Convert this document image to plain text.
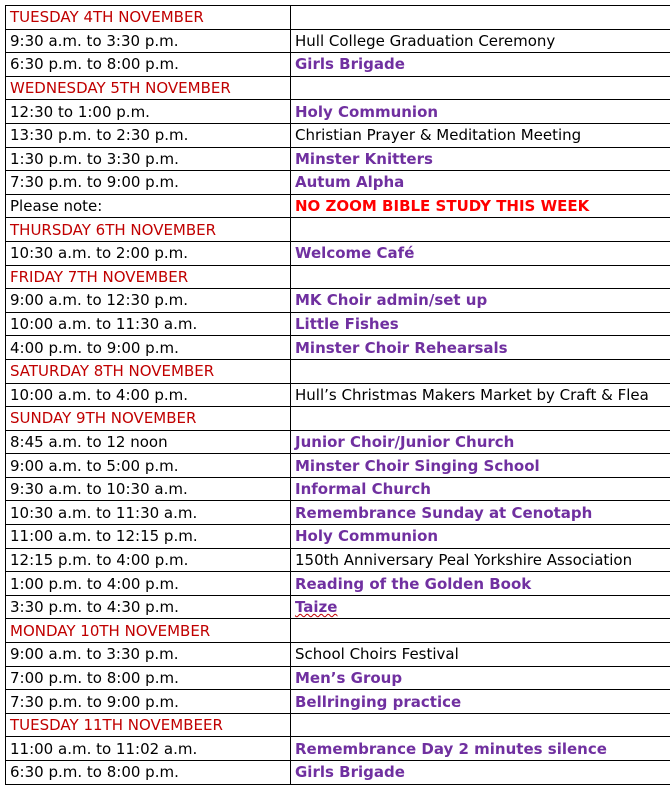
TUESDAY 4TH NOVEMBER	
9:30 a.m. to 3:30 p.m.	Hull College Graduation Ceremony
6:30 p.m. to 8:00 p.m.	Girls Brigade
WEDNESDAY 5TH NOVEMBER	
12:30 to 1:00 p.m.	Holy Communion
13:30 p.m. to 2:30 p.m.	Christian Prayer & Meditation Meeting
1:30 p.m. to 3:30 p.m.	Minster Knitters
7:30 p.m. to 9:00 p.m.	Autum Alpha
Please note:	NO ZOOM BIBLE STUDY THIS WEEK
THURSDAY 6TH NOVEMBER	
10:30 a.m. to 2:00 p.m.	Welcome Café
FRIDAY 7TH NOVEMBER	
9:00 a.m. to 12:30 p.m.	MK Choir admin/set up
10:00 a.m. to 11:30 a.m.	Little Fishes
4:00 p.m. to 9:00 p.m.	Minster Choir Rehearsals
SATURDAY 8TH NOVEMBER	
10:00 a.m. to 4:00 p.m.	Hull’s Christmas Makers Market by Craft & Flea
SUNDAY 9TH NOVEMBER	
8:45 a.m. to 12 noon	Junior Choir/Junior Church
9:00 a.m. to 5:00 p.m.	Minster Choir Singing School
9:30 a.m. to 10:30 a.m.	Informal Church
10:30 a.m. to 11:30 a.m.	Remembrance Sunday at Cenotaph
11:00 a.m. to 12:15 p.m.	Holy Communion
12:15 p.m. to 4:00 p.m.	150th Anniversary Peal Yorkshire Association
1:00 p.m. to 4:00 p.m.	Reading of the Golden Book
3:30 p.m. to 4:30 p.m.	Taize
MONDAY 10TH NOVEMBER	
9:00 a.m. to 3:30 p.m.	School Choirs Festival
7:00 p.m. to 8:00 p.m.	Men’s Group
7:30 p.m. to 9:00 p.m.	Bellringing practice
TUESDAY 11TH NOVEMBEER	
11:00 a.m. to 11:02 a.m.	Remembrance Day 2 minutes silence
6:30 p.m. to 8:00 p.m.	Girls Brigade
